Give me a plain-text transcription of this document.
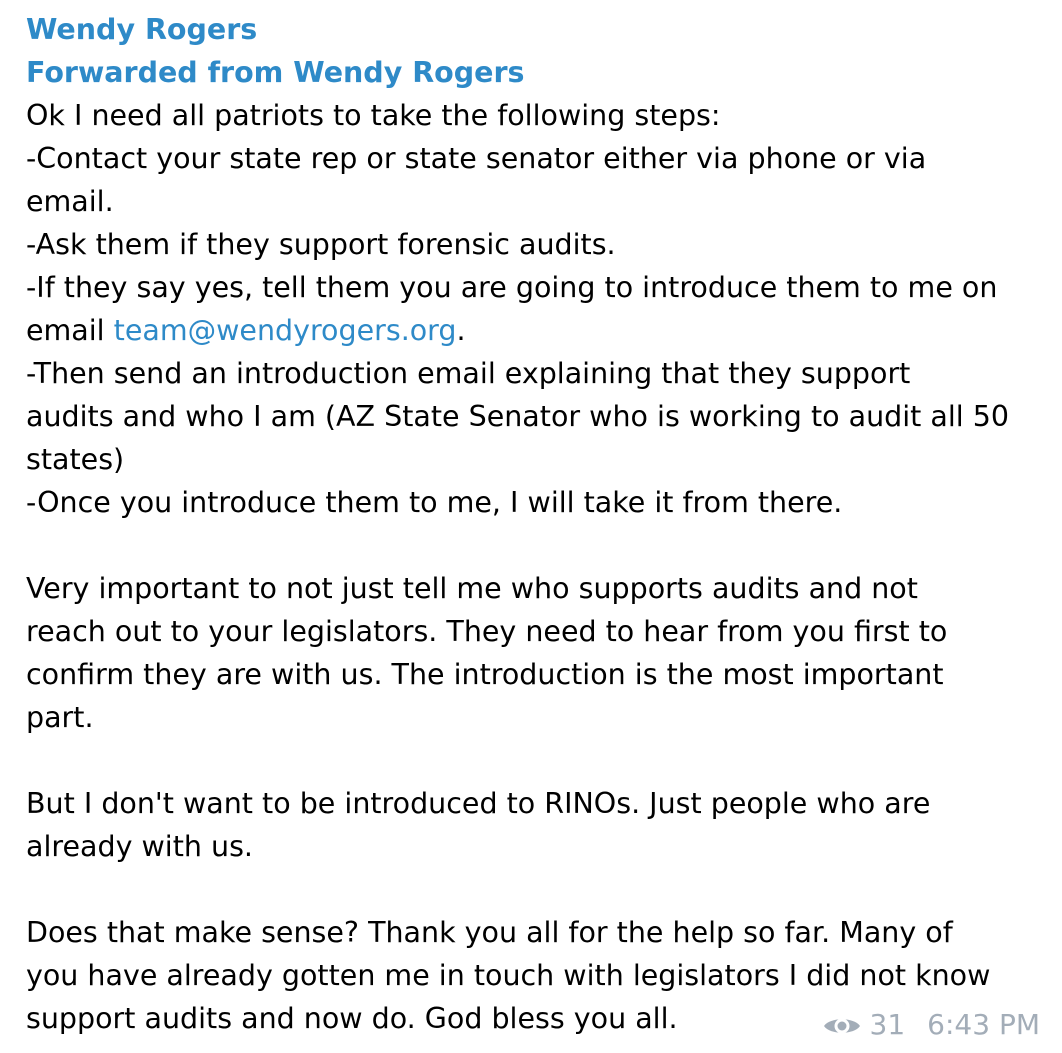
Wendy Rogers
Forwarded from Wendy Rogers
Ok I need all patriots to take the following steps:
-Contact your state rep or state senator either via phone or via
email.
-Ask them if they support forensic audits.
-If they say yes, tell them you are going to introduce them to me on
email team@wendyrogers.org.
-Then send an introduction email explaining that they support
audits and who I am (AZ State Senator who is working to audit all 50
states)
-Once you introduce them to me, I will take it from there.
Very important to not just tell me who supports audits and not
reach out to your legislators. They need to hear from you first to
confirm they are with us. The introduction is the most important
part.
But I don't want to be introduced to RINOs. Just people who are
already with us.
Does that make sense? Thank you all for the help so far. Many of
you have already gotten me in touch with legislators I did not know
support audits and now do. God bless you all.	31 6:43 PM
